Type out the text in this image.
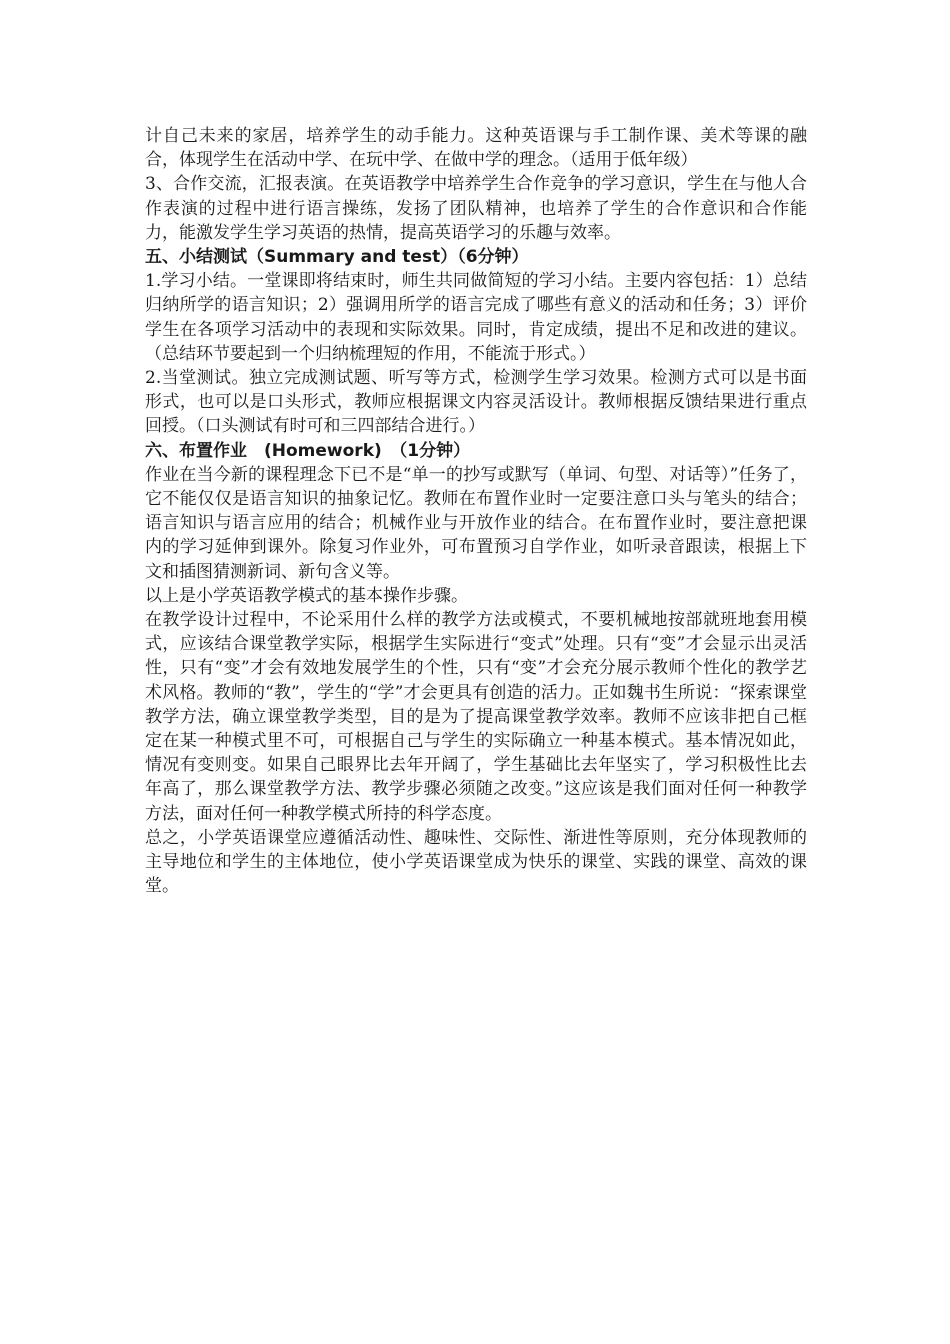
计自己未来的家居，培养学生的动手能力。这种英语课与手工制作课、美术等课的融合，体现学生在活动中学、在玩中学、在做中学的理念。（适用于低年级）

3、合作交流，汇报表演。在英语教学中培养学生合作竞争的学习意识，学生在与他人合作表演的过程中进行语言操练，发扬了团队精神，也培养了学生的合作意识和合作能力，能激发学生学习英语的热情，提高英语学习的乐趣与效率。

五、小结测试（Summary and test）（6分钟）

1.学习小结。一堂课即将结束时，师生共同做简短的学习小结。主要内容包括：1）总结归纳所学的语言知识；2）强调用所学的语言完成了哪些有意义的活动和任务；3）评价学生在各项学习活动中的表现和实际效果。同时，肯定成绩，提出不足和改进的建议。（总结环节要起到一个归纳梳理短的作用，不能流于形式。）

2.当堂测试。独立完成测试题、听写等方式，检测学生学习效果。检测方式可以是书面形式，也可以是口头形式，教师应根据课文内容灵活设计。教师根据反馈结果进行重点回授。（口头测试有时可和三四部结合进行。）

六、布置作业　(Homework)　（1分钟）

作业在当今新的课程理念下已不是“单一的抄写或默写（单词、句型、对话等）”任务了，它不能仅仅是语言知识的抽象记忆。教师在布置作业时一定要注意口头与笔头的结合；语言知识与语言应用的结合；机械作业与开放作业的结合。在布置作业时，要注意把课内的学习延伸到课外。除复习作业外，可布置预习自学作业，如听录音跟读，根据上下文和插图猜测新词、新句含义等。

以上是小学英语教学模式的基本操作步骤。

在教学设计过程中，不论采用什么样的教学方法或模式，不要机械地按部就班地套用模式，应该结合课堂教学实际，根据学生实际进行“变式”处理。只有“变”才会显示出灵活性，只有“变”才会有效地发展学生的个性，只有“变”才会充分展示教师个性化的教学艺术风格。教师的“教”，学生的“学”才会更具有创造的活力。正如魏书生所说：“探索课堂教学方法，确立课堂教学类型，目的是为了提高课堂教学效率。教师不应该非把自己框定在某一种模式里不可，可根据自己与学生的实际确立一种基本模式。基本情况如此，情况有变则变。如果自己眼界比去年开阔了，学生基础比去年坚实了，学习积极性比去年高了，那么课堂教学方法、教学步骤必须随之改变。”这应该是我们面对任何一种教学方法，面对任何一种教学模式所持的科学态度。

总之，小学英语课堂应遵循活动性、趣味性、交际性、渐进性等原则，充分体现教师的主导地位和学生的主体地位，使小学英语课堂成为快乐的课堂、实践的课堂、高效的课堂。
